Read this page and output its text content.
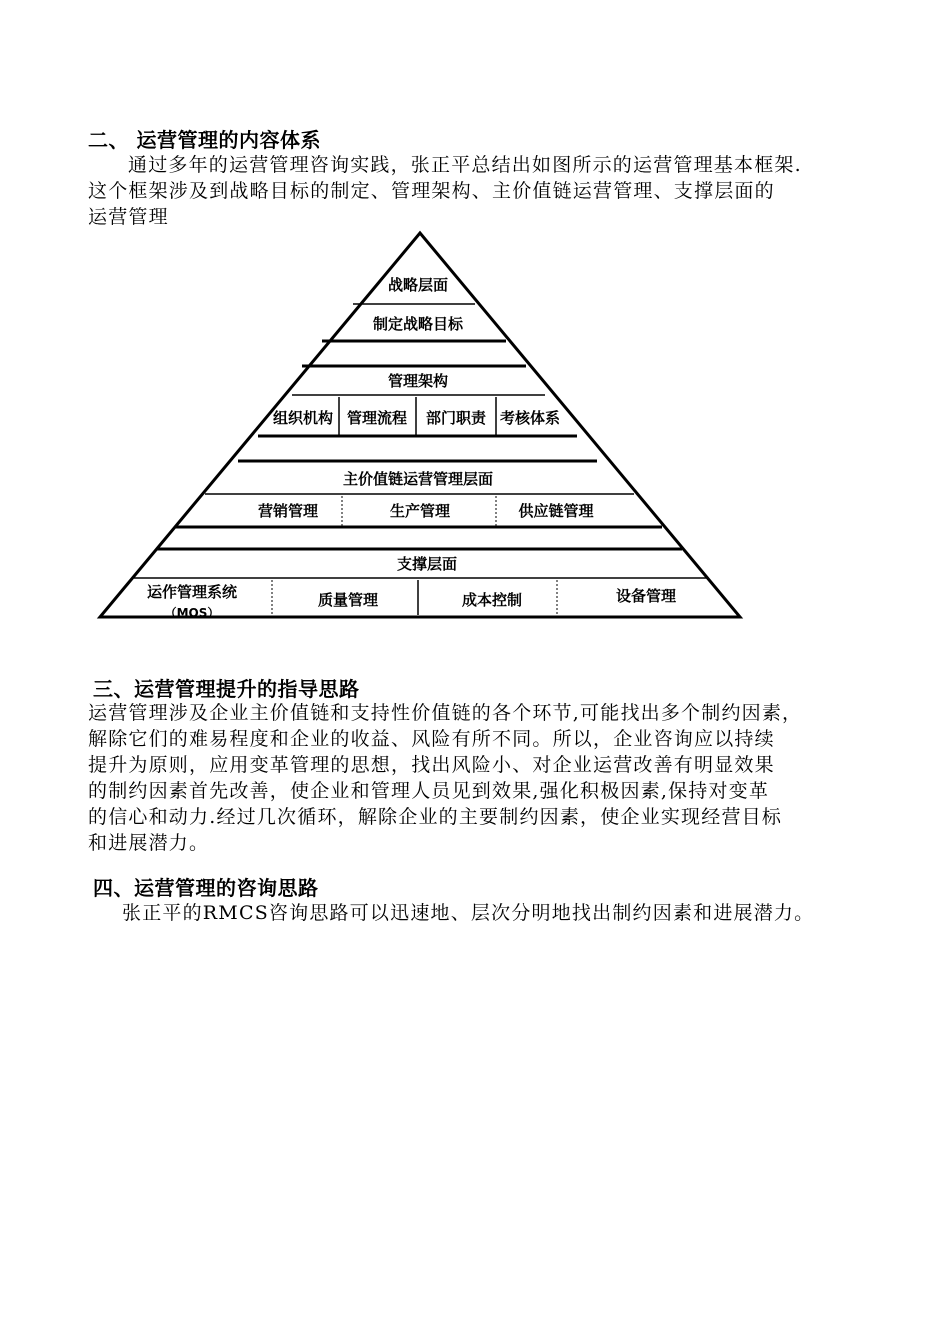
二、 运营管理的内容体系
通过多年的运营管理咨询实践，张正平总结出如图所示的运营管理基本框架.
这个框架涉及到战略目标的制定、管理架构、主价值链运营管理、支撑层面的
运营管理
战略层面
制定战略目标
管理架构
组织机构 管理流程 部门职责 考核体系
主价值链运营管理层面
营销管理	生产管理	供应链管理
支撑层面
运作管理系统
（MOS）
质量管理	成本控制	设备管理
三、运营管理提升的指导思路
运营管理涉及企业主价值链和支持性价值链的各个环节,可能找出多个制约因素，
解除它们的难易程度和企业的收益、风险有所不同。所以，企业咨询应以持续
提升为原则，应用变革管理的思想，找出风险小、对企业运营改善有明显效果
的制约因素首先改善，使企业和管理人员见到效果,强化积极因素,保持对变革
的信心和动力.经过几次循环，解除企业的主要制约因素，使企业实现经营目标
和进展潜力。
四、运营管理的咨询思路
张正平的RMCS咨询思路可以迅速地、层次分明地找出制约因素和进展潜力。
